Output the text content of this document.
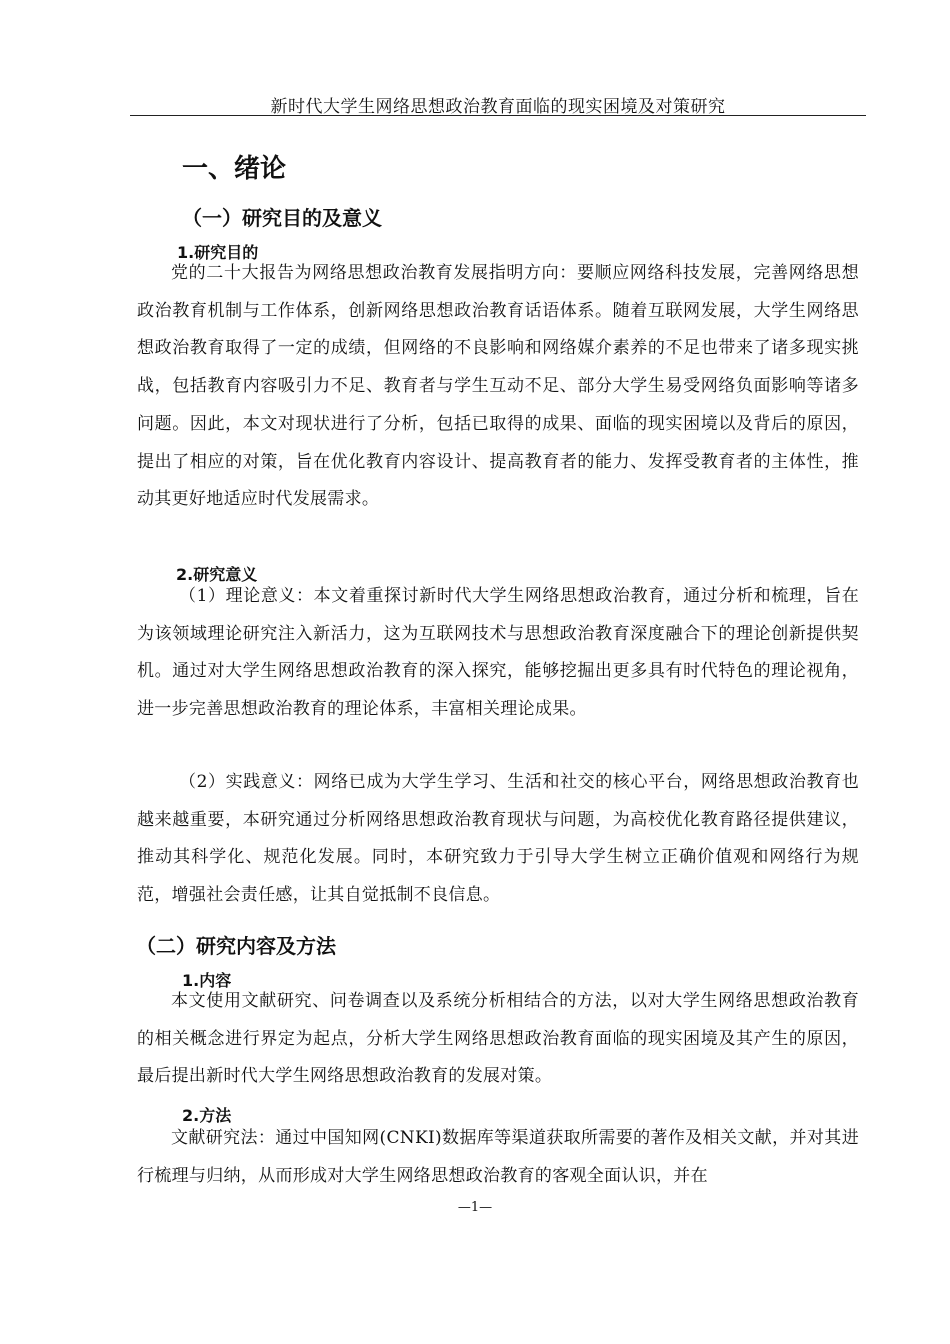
新时代大学生网络思想政治教育面临的现实困境及对策研究
一、绪论
（一）研究目的及意义
1.研究目的

党的二十大报告为网络思想政治教育发展指明方向：要顺应网络科技发展，完善网络思想政治教育机制与工作体系，创新网络思想政治教育话语体系。随着互联网发展，大学生网络思想政治教育取得了一定的成绩，但网络的不良影响和网络媒介素养的不足也带来了诸多现实挑战，包括教育内容吸引力不足、教育者与学生互动不足、部分大学生易受网络负面影响等诸多问题。因此，本文对现状进行了分析，包括已取得的成果、面临的现实困境以及背后的原因，提出了相应的对策，旨在优化教育内容设计、提高教育者的能力、发挥受教育者的主体性，推动其更好地适应时代发展需求。

2.研究意义

（1）理论意义：本文着重探讨新时代大学生网络思想政治教育，通过分析和梳理，旨在为该领域理论研究注入新活力，这为互联网技术与思想政治教育深度融合下的理论创新提供契机。通过对大学生网络思想政治教育的深入探究，能够挖掘出更多具有时代特色的理论视角，进一步完善思想政治教育的理论体系，丰富相关理论成果。

（2）实践意义：网络已成为大学生学习、生活和社交的核心平台，网络思想政治教育也越来越重要，本研究通过分析网络思想政治教育现状与问题，为高校优化教育路径提供建议，推动其科学化、规范化发展。同时，本研究致力于引导大学生树立正确价值观和网络行为规范，增强社会责任感，让其自觉抵制不良信息。

（二）研究内容及方法
1.内容

本文使用文献研究、问卷调查以及系统分析相结合的方法，以对大学生网络思想政治教育的相关概念进行界定为起点，分析大学生网络思想政治教育面临的现实困境及其产生的原因，最后提出新时代大学生网络思想政治教育的发展对策。

2.方法

文献研究法：通过中国知网(CNKI)数据库等渠道获取所需要的著作及相关文献，并对其进行梳理与归纳，从而形成对大学生网络思想政治教育的客观全面认识，并在

—1—
